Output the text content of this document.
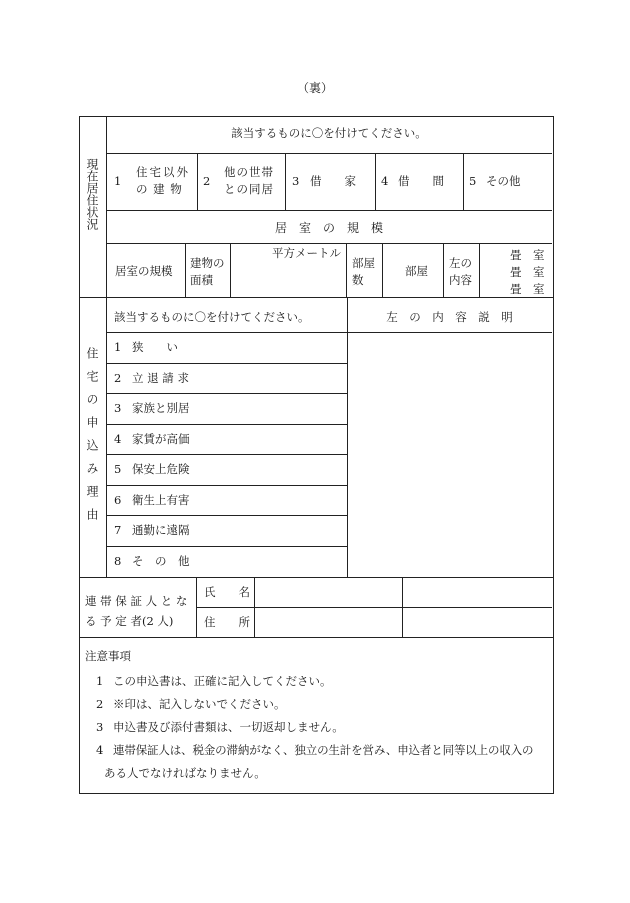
（裏）
現在居住状況
該当するものに〇を付けてください。
1
住宅以外
の 建 物
2
他の世帯
との同居
3 借　　家 4 借　　間 5 その他
居　室　の　規　模
居室の規模
建物の
面積
平方メートル
部屋
数
部屋
左の
内容
畳　室
畳　室
畳　室
住宅の申込み理由
該当するものに〇を付けてください。	左　の　内　容　説　明
1 狭　　い
2 立 退 請 求
3 家族と別居
4 家賃が高価
5 保安上危険
6 衛生上有害
7 通勤に遠隔
8 そ　の　他
連 帯 保 証 人 と な
る 予 定 者(2 人)
氏　　名
住　　所
注意事項
1 この申込書は、正確に記入してください。
2 ※印は、記入しないでください。
3 申込書及び添付書類は、一切返却しません。
4 連帯保証人は、税金の滞納がなく、独立の生計を営み、申込者と同等以上の収入の
ある人でなければなりません。
